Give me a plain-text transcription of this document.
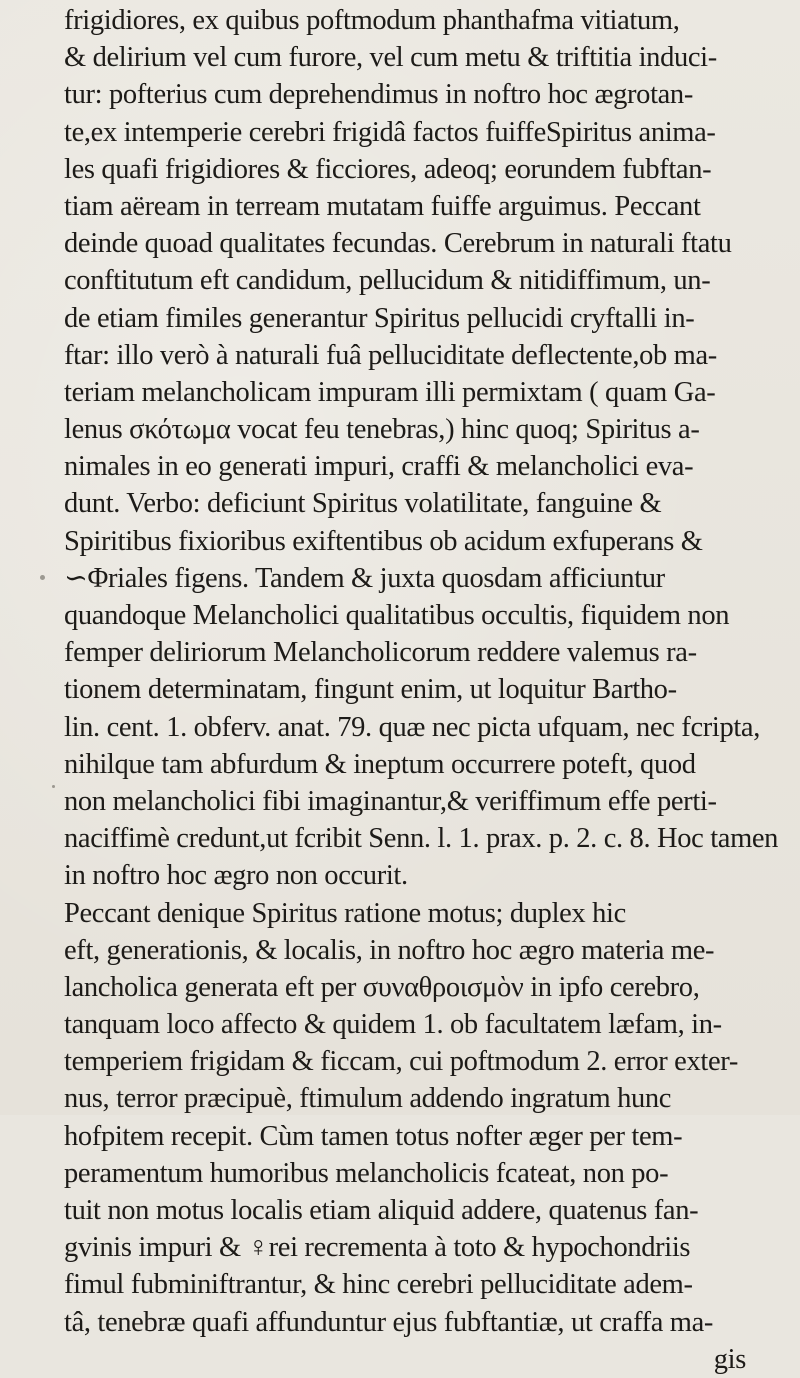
frigidiores, ex quibus poftmodum phanthafma vitiatum,
& delirium vel cum furore, vel cum metu & triftitia induci-
tur: pofterius cum deprehendimus in noftro hoc ægrotan-
te,ex intemperie cerebri frigidâ factos fuiffeSpiritus anima-
les quafi frigidiores & ficciores, adeoq; eorundem fubftan-
tiam aëream in terream mutatam fuiffe arguimus. Peccant
deinde quoad qualitates fecundas. Cerebrum in naturali ftatu
conftitutum eft candidum, pellucidum & nitidiffimum, un-
de etiam fimiles generantur Spiritus pellucidi cryftalli in-
ftar: illo verò à naturali fuâ pelluciditate deflectente,ob ma-
teriam melancholicam impuram illi permixtam ( quam Ga-
lenus σκότωμα vocat feu tenebras,) hinc quoq; Spiritus a-
nimales in eo generati impuri, craffi & melancholici eva-
dunt. Verbo: deficiunt Spiritus volatilitate, fanguine &
Spiritibus fixioribus exiftentibus ob acidum exfuperans &
∽Φriales figens. Tandem & juxta quosdam afficiuntur
quandoque Melancholici qualitatibus occultis, fiquidem non
femper deliriorum Melancholicorum reddere valemus ra-
tionem determinatam, fingunt enim, ut loquitur Bartho-
lin. cent. 1. obferv. anat. 79. quæ nec picta ufquam, nec fcripta,
nihilque tam abfurdum & ineptum occurrere poteft, quod
non melancholici fibi imaginantur,& veriffimum effe perti-
naciffimè credunt,ut fcribit Senn. l. 1. prax. p. 2. c. 8. Hoc tamen
in noftro hoc ægro non occurit.
Peccant denique Spiritus ratione motus; duplex hic
eft, generationis, & localis, in noftro hoc ægro materia me-
lancholica generata eft per συναθροισμὸν in ipfo cerebro,
tanquam loco affecto & quidem 1. ob facultatem læfam, in-
temperiem frigidam & ficcam, cui poftmodum 2. error exter-
nus, terror præcipuè, ftimulum addendo ingratum hunc
hofpitem recepit. Cùm tamen totus nofter æger per tem-
peramentum humoribus melancholicis fcateat, non po-
tuit non motus localis etiam aliquid addere, quatenus fan-
gvinis impuri & ♀rei recrementa à toto & hypochondriis
fimul fubminiftrantur, & hinc cerebri pelluciditate adem-
tâ, tenebræ quafi affunduntur ejus fubftantiæ, ut craffa ma-
gis
